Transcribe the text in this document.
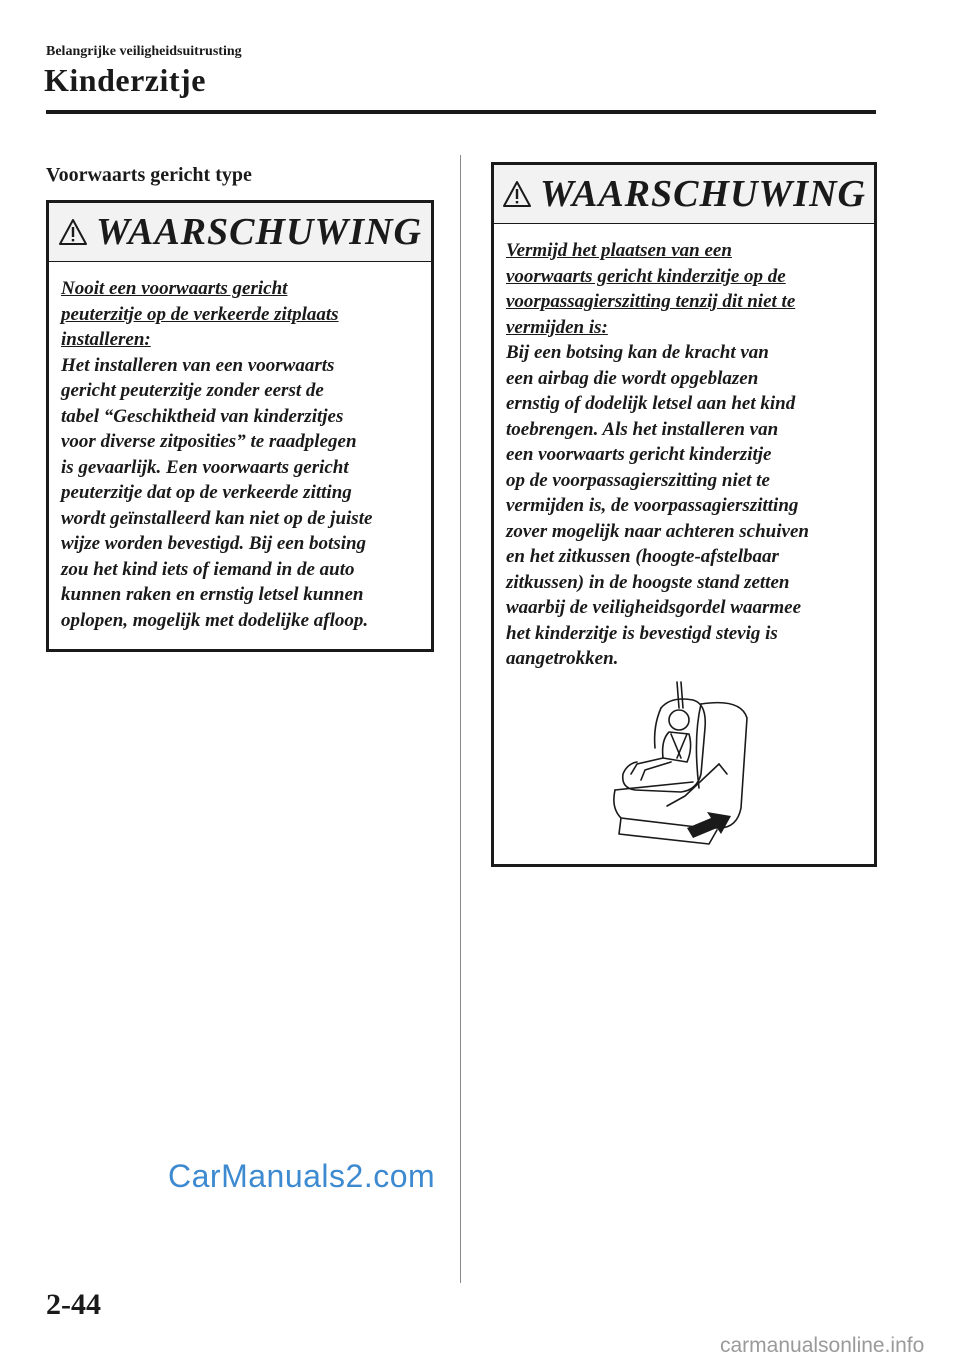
Belangrijke veiligheidsuitrusting
Kinderzitje
Voorwaarts gericht type
WAARSCHUWING
Nooit een voorwaarts gericht
peuterzitje op de verkeerde zitplaats
installeren:
Het installeren van een voorwaarts
gericht peuterzitje zonder eerst de
tabel “Geschiktheid van kinderzitjes
voor diverse zitposities” te raadplegen
is gevaarlijk. Een voorwaarts gericht
peuterzitje dat op de verkeerde zitting
wordt geïnstalleerd kan niet op de juiste
wijze worden bevestigd. Bij een botsing
zou het kind iets of iemand in de auto
kunnen raken en ernstig letsel kunnen
oplopen, mogelijk met dodelijke afloop.
WAARSCHUWING
Vermijd het plaatsen van een
voorwaarts gericht kinderzitje op de
voorpassagierszitting tenzij dit niet te
vermijden is:
Bij een botsing kan de kracht van
een airbag die wordt opgeblazen
ernstig of dodelijk letsel aan het kind
toebrengen. Als het installeren van
een voorwaarts gericht kinderzitje
op de voorpassagierszitting niet te
vermijden is, de voorpassagierszitting
zover mogelijk naar achteren schuiven
en het zitkussen (hoogte-afstelbaar
zitkussen) in de hoogste stand zetten
waarbij de veiligheidsgordel waarmee
het kinderzitje is bevestigd stevig is
aangetrokken.
2-44
CarManuals2.com
carmanualsonline.info
